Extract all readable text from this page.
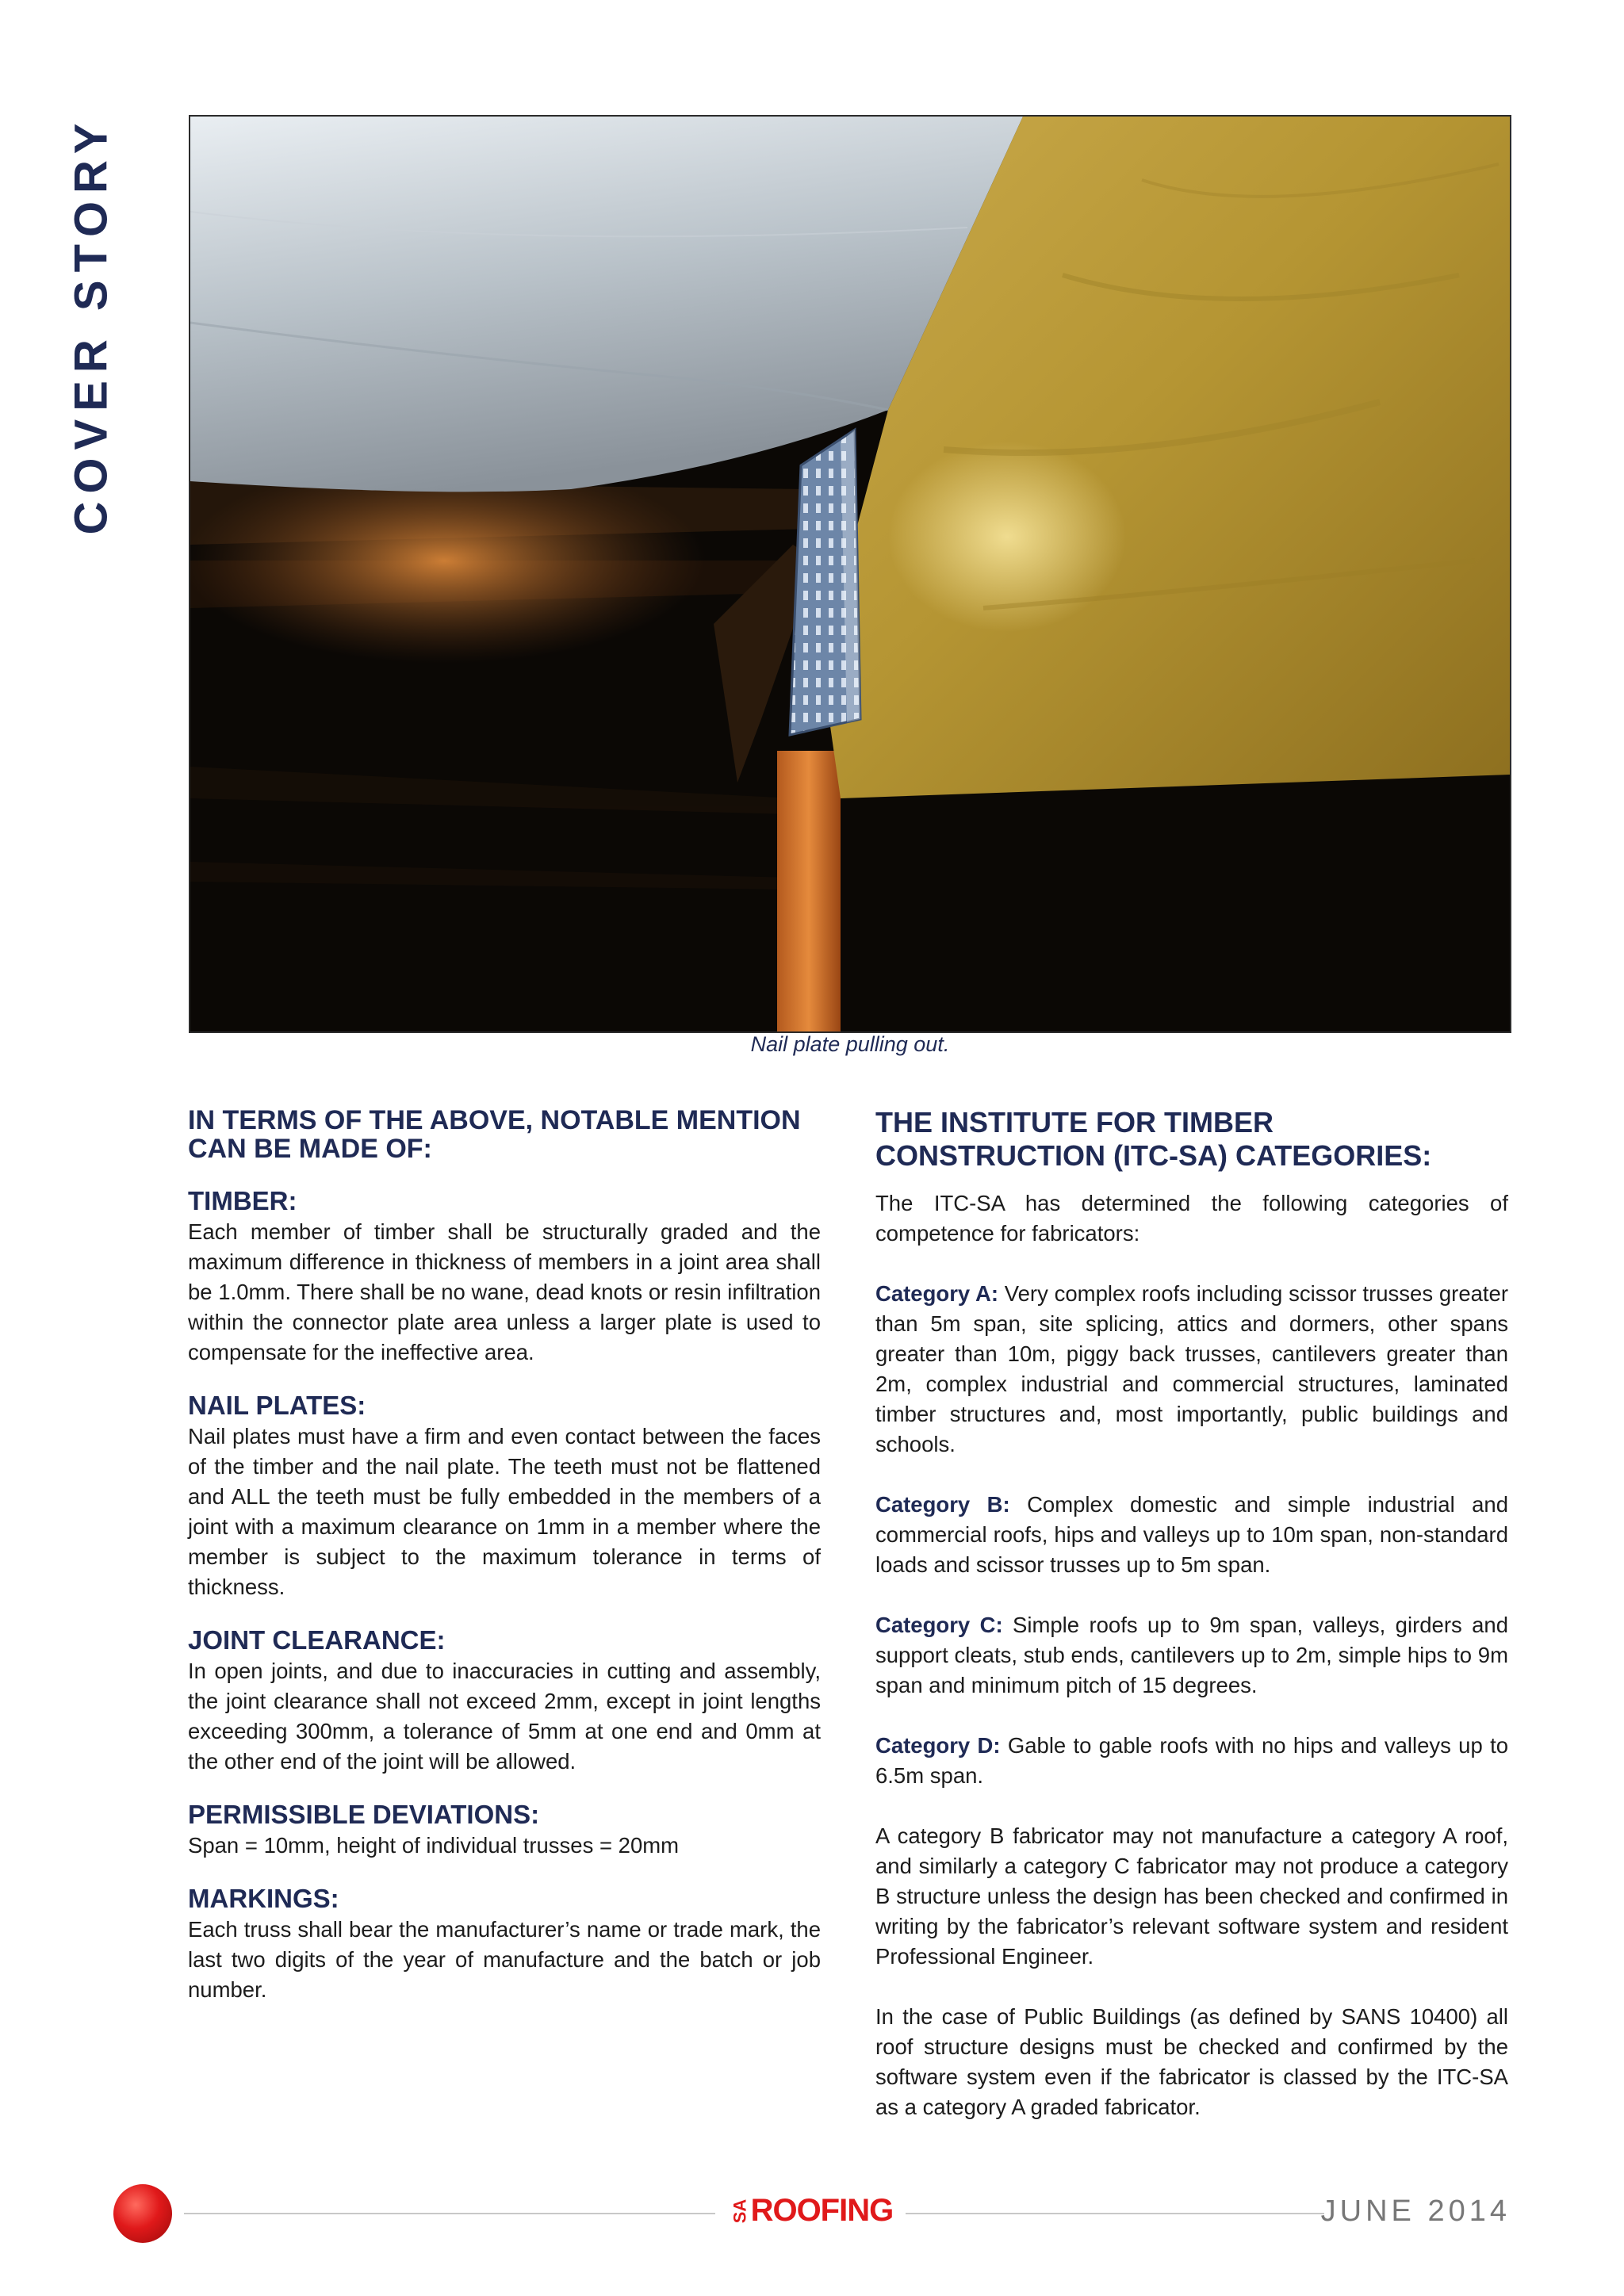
COVER STORY
Nail plate pulling out.
IN TERMS OF THE ABOVE, NOTABLE MENTION CAN BE MADE OF:
TIMBER:

Each member of timber shall be structurally graded and the maximum difference in thickness of members in a joint area shall be 1.0mm. There shall be no wane, dead knots or resin infiltration within the connector plate area unless a larger plate is used to compensate for the ineffective area.

NAIL PLATES:

Nail plates must have a firm and even contact between the faces of the timber and the nail plate. The teeth must not be flattened and ALL the teeth must be fully embedded in the members of a joint with a maximum clearance on 1mm in a member where the member is subject to the maximum tolerance in terms of thickness.

JOINT CLEARANCE:

In open joints, and due to inaccuracies in cutting and assembly, the joint clearance shall not exceed 2mm, except in joint lengths exceeding 300mm, a tolerance of 5mm at one end and 0mm at the other end of the joint will be allowed.

PERMISSIBLE DEVIATIONS:

Span = 10mm, height of individual trusses = 20mm

MARKINGS:

Each truss shall bear the manufacturer’s name or trade mark, the last two digits of the year of manufacture and the batch or job number.

THE INSTITUTE FOR TIMBER CONSTRUCTION (ITC-SA) CATEGORIES:

The ITC-SA has determined the following categories of competence for fabricators:

Category A: Very complex roofs including scissor trusses greater than 5m span, site splicing, attics and dormers, other spans greater than 10m, piggy back trusses, cantilevers greater than 2m, complex industrial and commercial structures, laminated timber structures and, most importantly, public buildings and schools.

Category B: Complex domestic and simple industrial and commercial roofs, hips and valleys up to 10m span, non-standard loads and scissor trusses up to 5m span.

Category C: Simple roofs up to 9m span, valleys, girders and support cleats, stub ends, cantilevers up to 2m, simple hips to 9m span and minimum pitch of 15 degrees.

Category D: Gable to gable roofs with no hips and valleys up to 6.5m span.

A category B fabricator may not manufacture a category A roof, and similarly a category C fabricator may not produce a category B structure unless the design has been checked and confirmed in writing by the fabricator’s relevant software system and resident Professional Engineer.

In the case of Public Buildings (as defined by SANS 10400) all roof structure designs must be checked and confirmed by the software system even if the fabricator is classed by the ITC-SA as a category A graded fabricator.

SAROOFING	JUNE 2014
